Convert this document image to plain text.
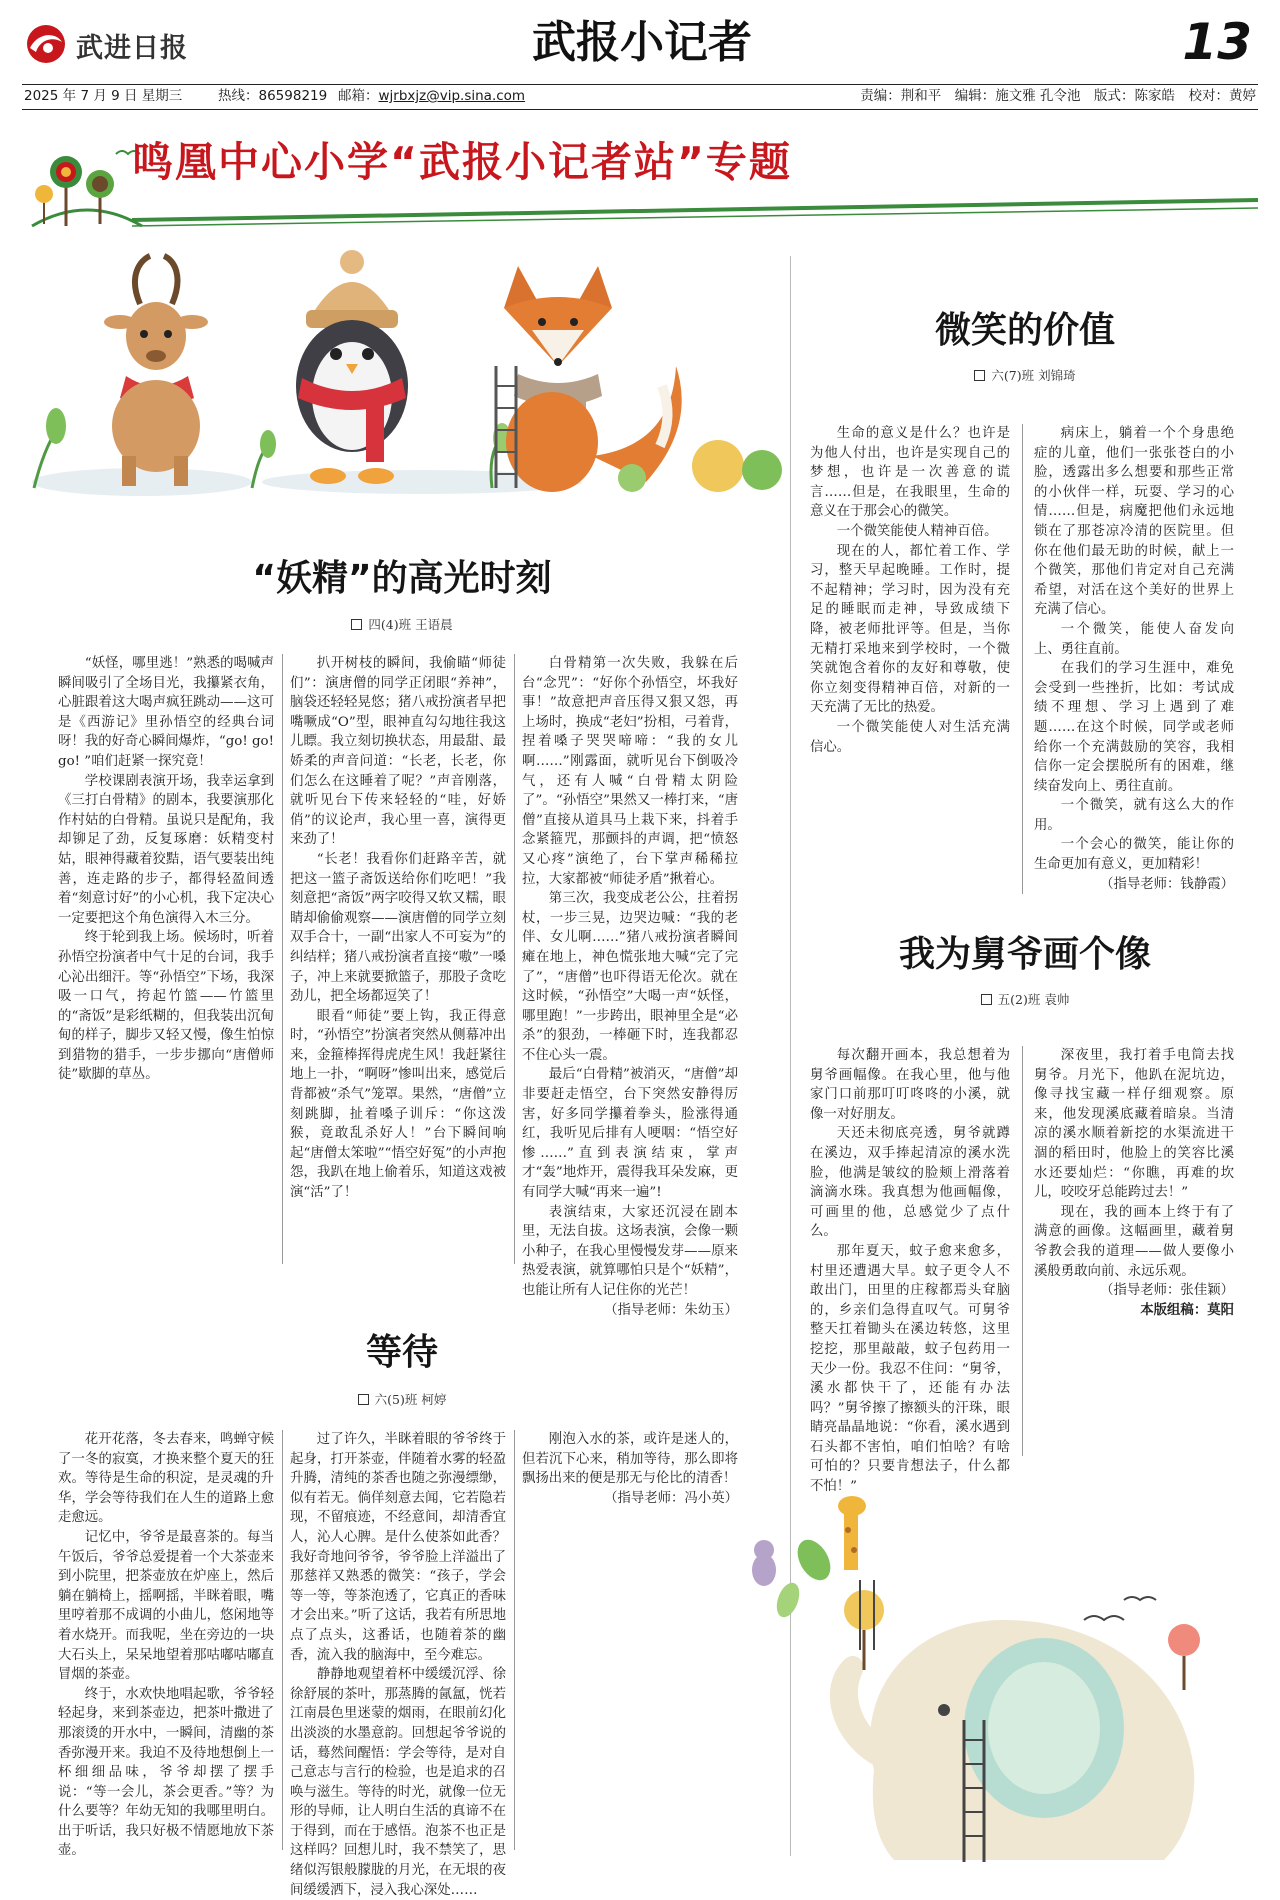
武进日报	武报小记者	13
2025 年 7 月 9 日 星期三	热线：86598219 邮箱：wjrbxjz@vip.sina.com	责编：荆和平　编辑：施文雅 孔令池　版式：陈家皓　校对：黄婷
鸣凰中心小学“武报小记者站”专题
“妖精”的高光时刻
四(4)班 王语晨

“妖怪，哪里逃！”熟悉的喝喊声瞬间吸引了全场目光，我攥紧衣角，心脏跟着这大喝声疯狂跳动——这可是《西游记》里孙悟空的经典台词呀！我的好奇心瞬间爆炸，“go! go! go! ”咱们赶紧一探究竟！

学校课剧表演开场，我幸运拿到《三打白骨精》的剧本，我要演那化作村姑的白骨精。虽说只是配角，我却铆足了劲，反复琢磨：妖精变村姑，眼神得藏着狡黠，语气要装出纯善，连走路的步子，都得轻盈间透着“刻意讨好”的小心机，我下定决心一定要把这个角色演得入木三分。

终于轮到我上场。候场时，听着孙悟空扮演者中气十足的台词，我手心沁出细汗。等“孙悟空”下场，我深吸一口气，挎起竹篮——竹篮里的“斋饭”是彩纸糊的，但我装出沉甸甸的样子，脚步又轻又慢，像生怕惊到猎物的猎手，一步步挪向“唐僧师徒”歇脚的草丛。

扒开树枝的瞬间，我偷瞄“师徒们”：演唐僧的同学正闭眼“养神”，脑袋还轻轻晃悠；猪八戒扮演者早把嘴噘成“O”型，眼神直勾勾地往我这儿瞟。我立刻切换状态，用最甜、最娇柔的声音问道：“长老，长老，你们怎么在这睡着了呢？”声音刚落，就听见台下传来轻轻的“哇，好娇俏”的议论声，我心里一喜，演得更来劲了！

“长老！我看你们赶路辛苦，就把这一篮子斋饭送给你们吃吧！”我刻意把“斋饭”两字咬得又软又糯，眼睛却偷偷观察——演唐僧的同学立刻双手合十，一副“出家人不可妄为”的纠结样；猪八戒扮演者直接“嗷”一嗓子，冲上来就要掀篮子，那股子贪吃劲儿，把全场都逗笑了！

眼看“师徒”要上钩，我正得意时，“孙悟空”扮演者突然从侧幕冲出来，金箍棒挥得虎虎生风！我赶紧往地上一扑，“啊呀”惨叫出来，感觉后背都被“杀气”笼罩。果然，“唐僧”立刻跳脚，扯着嗓子训斥：“你这泼猴，竟敢乱杀好人！”台下瞬间响起“唐僧太笨啦”“悟空好冤”的小声抱怨，我趴在地上偷着乐，知道这戏被演“活”了！

白骨精第一次失败，我躲在后台“念咒”：“好你个孙悟空，坏我好事！”故意把声音压得又狠又怨，再上场时，换成“老妇”扮相，弓着背，捏着嗓子哭哭啼啼：“我的女儿啊……”刚露面，就听见台下倒吸冷气，还有人喊“白骨精太阴险了”。“孙悟空”果然又一棒打来，“唐僧”直接从道具马上栽下来，抖着手念紧箍咒，那颤抖的声调，把“愤怒又心疼”演绝了，台下掌声稀稀拉拉，大家都被“师徒矛盾”揪着心。

第三次，我变成老公公，拄着拐杖，一步三晃，边哭边喊：“我的老伴、女儿啊……”猪八戒扮演者瞬间瘫在地上，神色慌张地大喊“完了完了”，“唐僧”也吓得语无伦次。就在这时候，“孙悟空”大喝一声“妖怪，哪里跑！”一步跨出，眼神里全是“必杀”的狠劲，一棒砸下时，连我都忍不住心头一震。

最后“白骨精”被消灭，“唐僧”却非要赶走悟空，台下突然安静得厉害，好多同学攥着拳头，脸涨得通红，我听见后排有人哽咽：“悟空好惨……”直到表演结束，掌声才“轰”地炸开，震得我耳朵发麻，更有同学大喊“再来一遍”!

表演结束，大家还沉浸在剧本里，无法自拔。这场表演，会像一颗小种子，在我心里慢慢发芽——原来热爱表演，就算哪怕只是个“妖精”，也能让所有人记住你的光芒！

（指导老师：朱幼玉）

等待
六(5)班 柯婷

花开花落，冬去春来，鸣蝉守候了一冬的寂寞，才换来整个夏天的狂欢。等待是生命的积淀，是灵魂的升华，学会等待我们在人生的道路上愈走愈远。

记忆中，爷爷是最喜茶的。每当午饭后，爷爷总爱提着一个大茶壶来到小院里，把茶壶放在炉座上，然后躺在躺椅上，摇啊摇，半眯着眼，嘴里哼着那不成调的小曲儿，悠闲地等着水烧开。而我呢，坐在旁边的一块大石头上，呆呆地望着那咕嘟咕嘟直冒烟的茶壶。

终于，水欢快地唱起歌，爷爷轻轻起身，来到茶壶边，把茶叶撒进了那滚烫的开水中，一瞬间，清幽的茶香弥漫开来。我迫不及待地想倒上一杯细细品味，爷爷却摆了摆手说：“等一会儿，茶会更香。”等？为什么要等？年幼无知的我哪里明白。出于听话，我只好极不情愿地放下茶壶。

过了许久，半眯着眼的爷爷终于起身，打开茶壶，伴随着水雾的轻盈升腾，清纯的茶香也随之弥漫缥缈，似有若无。倘佯刻意去闻，它若隐若现，不留痕迹，不经意间，却清香宜人，沁人心脾。是什么使茶如此香？我好奇地问爷爷，爷爷脸上洋溢出了那慈祥又熟悉的微笑：“孩子，学会等一等，等茶泡透了，它真正的香味才会出来。”听了这话，我若有所思地点了点头，这番话，也随着茶的幽香，流入我的脑海中，至今难忘。

静静地观望着杯中缓缓沉浮、徐徐舒展的茶叶，那蒸腾的氤氲，恍若江南晨色里迷蒙的烟雨，在眼前幻化出淡淡的水墨意韵。回想起爷爷说的话，蓦然间醒悟：学会等待，是对自己意志与言行的检验，也是追求的召唤与滋生。等待的时光，就像一位无形的导师，让人明白生活的真谛不在于得到，而在于感悟。泡茶不也正是这样吗？回想儿时，我不禁笑了，思绪似泻银般朦胧的月光，在无垠的夜间缓缓洒下，浸入我心深处……

刚泡入水的茶，或许是迷人的，但若沉下心来，稍加等待，那么即将飘扬出来的便是那无与伦比的清香！

（指导老师：冯小英）

微笑的价值
六(7)班 刘锦琦

生命的意义是什么？也许是为他人付出，也许是实现自己的梦想，也许是一次善意的谎言……但是，在我眼里，生命的意义在于那会心的微笑。

一个微笑能使人精神百倍。

现在的人，都忙着工作、学习，整天早起晚睡。工作时，提不起精神；学习时，因为没有充足的睡眠而走神，导致成绩下降，被老师批评等。但是，当你无精打采地来到学校时，一个微笑就饱含着你的友好和尊敬，使你立刻变得精神百倍，对新的一天充满了无比的热爱。

一个微笑能使人对生活充满信心。

病床上，躺着一个个身患绝症的儿童，他们一张张苍白的小脸，透露出多么想要和那些正常的小伙伴一样，玩耍、学习的心情……但是，病魔把他们永远地锁在了那苍凉冷清的医院里。但你在他们最无助的时候，献上一个微笑，那他们肯定对自己充满希望，对活在这个美好的世界上充满了信心。

一个微笑，能使人奋发向上、勇往直前。

在我们的学习生涯中，难免会受到一些挫折，比如：考试成绩不理想、学习上遇到了难题……在这个时候，同学或老师给你一个充满鼓励的笑容，我相信你一定会摆脱所有的困难，继续奋发向上、勇往直前。

一个微笑，就有这么大的作用。

一个会心的微笑，能让你的生命更加有意义，更加精彩！

（指导老师：钱静霞）

我为舅爷画个像
五(2)班 袁帅

每次翻开画本，我总想着为舅爷画幅像。在我心里，他与他家门口前那叮叮咚咚的小溪，就像一对好朋友。

天还未彻底亮透，舅爷就蹲在溪边，双手捧起清凉的溪水洗脸，他满是皱纹的脸颊上滑落着滴滴水珠。我真想为他画幅像，可画里的他，总感觉少了点什么。

那年夏天，蚊子愈来愈多，村里还遭遇大旱。蚊子更令人不敢出门，田里的庄稼都焉头耷脑的，乡亲们急得直叹气。可舅爷整天扛着锄头在溪边转悠，这里挖挖，那里敲敲，蚊子包药用一天少一份。我忍不住问：“舅爷，溪水都快干了，还能有办法吗？”舅爷擦了擦额头的汗珠，眼睛亮晶晶地说：“你看，溪水遇到石头都不害怕，咱们怕啥？有啥可怕的？只要肯想法子，什么都不怕！”

深夜里，我打着手电筒去找舅爷。月光下，他趴在泥坑边，像寻找宝藏一样仔细观察。原来，他发现溪底藏着暗泉。当清凉的溪水顺着新挖的水渠流进干涸的稻田时，他脸上的笑容比溪水还要灿烂：“你瞧，再难的坎儿，咬咬牙总能跨过去！”

现在，我的画本上终于有了满意的画像。这幅画里，藏着舅爷教会我的道理——做人要像小溪般勇敢向前、永远乐观。

（指导老师：张佳颖）

本版组稿：莫阳
